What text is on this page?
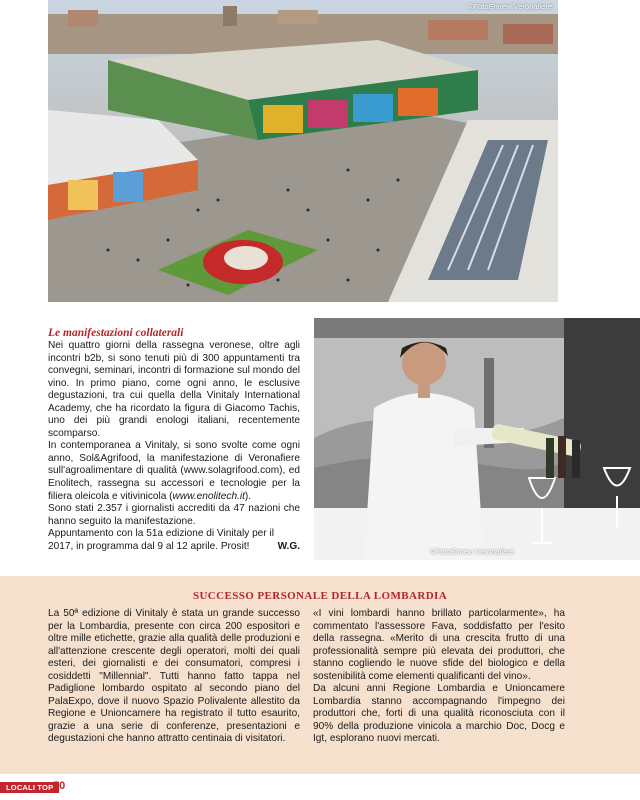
©FotoEnnevi Veronafiere
Le manifestazioni collaterali

Nei quattro giorni della rassegna veronese, oltre agli incontri b2b, si sono tenuti più di 300 appuntamenti tra convegni, seminari, incontri di formazione sul mondo del vino. In primo piano, come ogni anno, le esclusive degustazioni, tra cui quella della Vinitaly International Academy, che ha ricordato la figura di Giacomo Tachis, uno dei più grandi enologi italiani, recentemente scomparso.

In contemporanea a Vinitaly, si sono svolte come ogni anno, Sol&Agrifood, la manifestazione di Veronafiere sull'agroalimentare di qualità (www.solagrifood.com), ed Enolitech, rassegna su accessori e tecnologie per la filiera oleicola e vitivinicola (www.enolitech.it).

Sono stati 2.357 i giornalisti accrediti da 47 nazioni che hanno seguito la manifestazione.

Appuntamento con la 51a edizione di Vinitaly per il 2017, in programma dal 9 al 12 aprile. Prosit!	W.G.	©FotoEnnevi Veronafiere
SUCCESSO PERSONALE DELLA LOMBARDIA

La 50ª edizione di Vinitaly è stata un grande successo per la Lombardia, presente con circa 200 espositori e oltre mille etichette, grazie alla qualità delle produzioni e all'attenzione crescente degli operatori, molti dei quali esteri, dei giornalisti e dei consumatori, compresi i cosiddetti "Millennial". Tutti hanno fatto tappa nel Padiglione lombardo ospitato al secondo piano del PalaExpo, dove il nuovo Spazio Polivalente allestito da Regione e Unioncamere ha registrato il tutto esaurito, grazie a una serie di conferenze, presentazioni e degustazioni che hanno attratto centinaia di visitatori.

«I vini lombardi hanno brillato particolarmente», ha commentato l'assessore Fava, soddisfatto per l'esito della rassegna. «Merito di una crescita frutto di una professionalità sempre più elevata dei produttori, che stanno cogliendo le nuove sfide del biologico e della sostenibilità come elementi qualificanti del vino».

Da alcuni anni Regione Lombardia e Unioncamere Lombardia stanno accompagnando l'impegno dei produttori che, forti di una qualità riconosciuta con il 90% della produzione vinicola a marchio Doc, Docg e Igt, esplorano nuovi mercati.

LOCALI TOP 50
